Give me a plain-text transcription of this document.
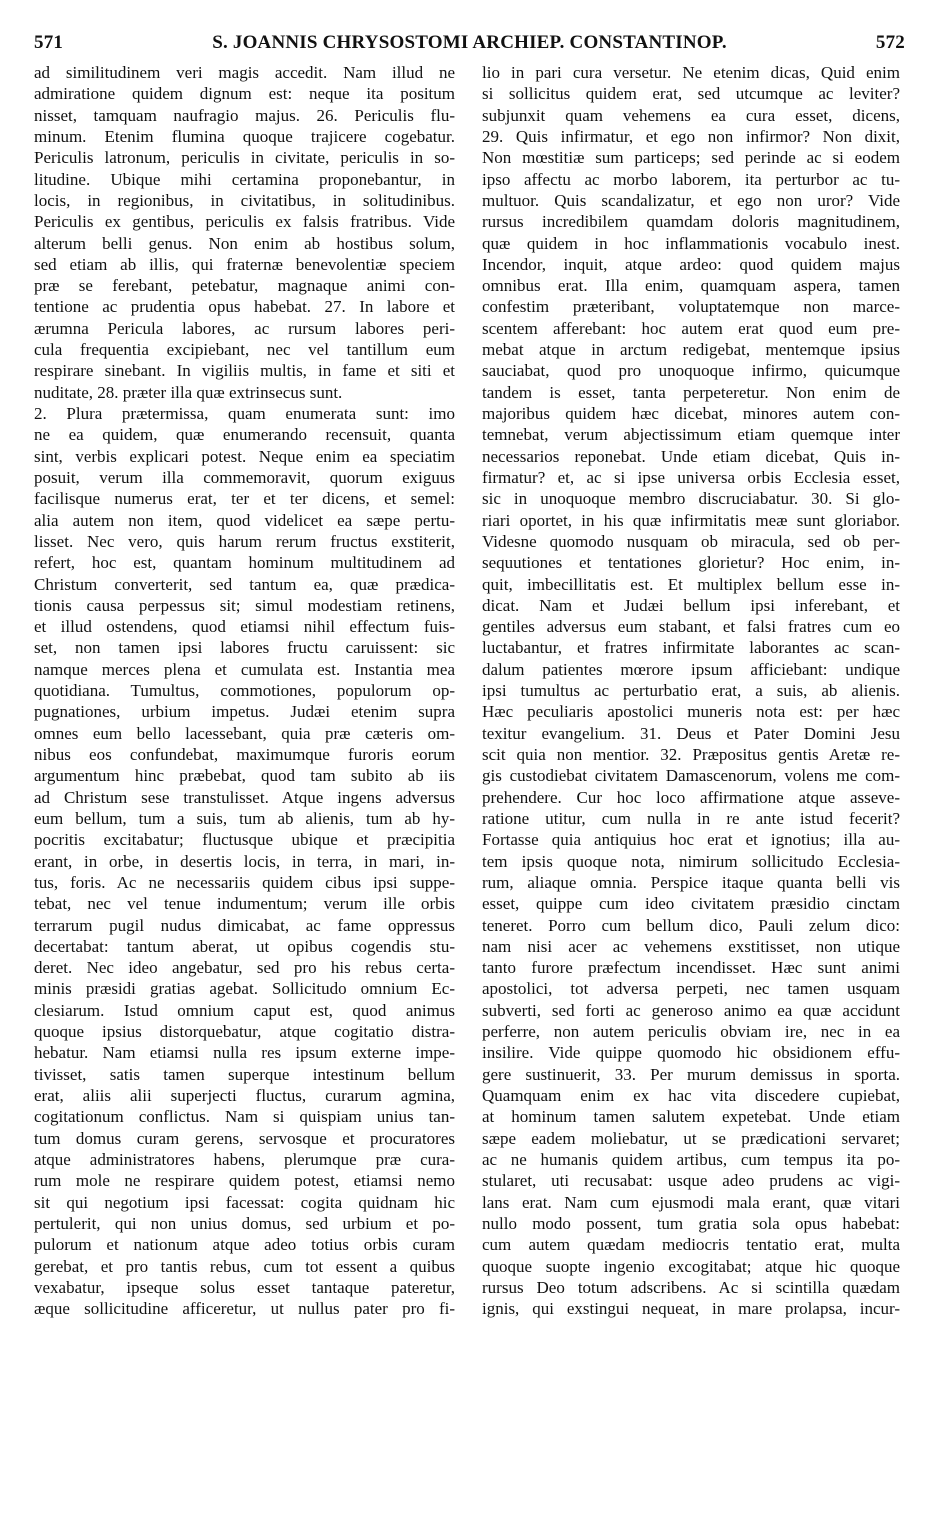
571	S. JOANNIS CHRYSOSTOMI ARCHIEP. CONSTANTINOP.	572
ad similitudinem veri magis accedit. Nam illud ne
admiratione quidem dignum est: neque ita positum
nisset, tamquam naufragio majus. 26. Periculis flu-
minum. Etenim flumina quoque trajicere cogebatur.
Periculis latronum, periculis in civitate, periculis in so-
litudine. Ubique mihi certamina proponebantur, in
locis, in regionibus, in civitatibus, in solitudinibus.
Periculis ex gentibus, periculis ex falsis fratribus. Vide
alterum belli genus. Non enim ab hostibus solum,
sed etiam ab illis, qui fraternæ benevolentiæ speciem
præ se ferebant, petebatur, magnaque animi con-
tentione ac prudentia opus habebat. 27. In labore et
ærumna Pericula labores, ac rursum labores peri-
cula frequentia excipiebant, nec vel tantillum eum
respirare sinebant. In vigiliis multis, in fame et siti et
nuditate, 28. præter illa quæ extrinsecus sunt.
2. Plura prætermissa, quam enumerata sunt: imo
ne ea quidem, quæ enumerando recensuit, quanta
sint, verbis explicari potest. Neque enim ea speciatim
posuit, verum illa commemoravit, quorum exiguus
facilisque numerus erat, ter et ter dicens, et semel:
alia autem non item, quod videlicet ea sæpe pertu-
lisset. Nec vero, quis harum rerum fructus exstiterit,
refert, hoc est, quantam hominum multitudinem ad
Christum converterit, sed tantum ea, quæ prædica-
tionis causa perpessus sit; simul modestiam retinens,
et illud ostendens, quod etiamsi nihil effectum fuis-
set, non tamen ipsi labores fructu caruissent: sic
namque merces plena et cumulata est. Instantia mea
quotidiana. Tumultus, commotiones, populorum op-
pugnationes, urbium impetus. Judæi etenim supra
omnes eum bello lacessebant, quia præ cæteris om-
nibus eos confundebat, maximumque furoris eorum
argumentum hinc præbebat, quod tam subito ab iis
ad Christum sese transtulisset. Atque ingens adversus
eum bellum, tum a suis, tum ab alienis, tum ab hy-
pocritis excitabatur; fluctusque ubique et præcipitia
erant, in orbe, in desertis locis, in terra, in mari, in-
tus, foris. Ac ne necessariis quidem cibus ipsi suppe-
tebat, nec vel tenue indumentum; verum ille orbis
terrarum pugil nudus dimicabat, ac fame oppressus
decertabat: tantum aberat, ut opibus cogendis stu-
deret. Nec ideo angebatur, sed pro his rebus certa-
minis præsidi gratias agebat. Sollicitudo omnium Ec-
clesiarum. Istud omnium caput est, quod animus
quoque ipsius distorquebatur, atque cogitatio distra-
hebatur. Nam etiamsi nulla res ipsum externe impe-
tivisset, satis tamen superque intestinum bellum
erat, aliis alii superjecti fluctus, curarum agmina,
cogitationum conflictus. Nam si quispiam unius tan-
tum domus curam gerens, servosque et procuratores
atque administratores habens, plerumque præ cura-
rum mole ne respirare quidem potest, etiamsi nemo
sit qui negotium ipsi facessat: cogita quidnam hic
pertulerit, qui non unius domus, sed urbium et po-
pulorum et nationum atque adeo totius orbis curam
gerebat, et pro tantis rebus, cum tot essent a quibus
vexabatur, ipseque solus esset tantaque pateretur,
æque sollicitudine afficeretur, ut nullus pater pro fi-
lio in pari cura versetur. Ne etenim dicas, Quid enim
si sollicitus quidem erat, sed utcumque ac leviter?
subjunxit quam vehemens ea cura esset, dicens,
29. Quis infirmatur, et ego non infirmor? Non dixit,
Non mœstitiæ sum particeps; sed perinde ac si eodem
ipso affectu ac morbo laborem, ita perturbor ac tu-
multuor. Quis scandalizatur, et ego non uror? Vide
rursus incredibilem quamdam doloris magnitudinem,
quæ quidem in hoc inflammationis vocabulo inest.
Incendor, inquit, atque ardeo: quod quidem majus
omnibus erat. Illa enim, quamquam aspera, tamen
confestim præteribant, voluptatemque non marce-
scentem afferebant: hoc autem erat quod eum pre-
mebat atque in arctum redigebat, mentemque ipsius
sauciabat, quod pro unoquoque infirmo, quicumque
tandem is esset, tanta perpeteretur. Non enim de
majoribus quidem hæc dicebat, minores autem con-
temnebat, verum abjectissimum etiam quemque inter
necessarios reponebat. Unde etiam dicebat, Quis in-
firmatur? et, ac si ipse universa orbis Ecclesia esset,
sic in unoquoque membro discruciabatur. 30. Si glo-
riari oportet, in his quæ infirmitatis meæ sunt gloriabor.
Videsne quomodo nusquam ob miracula, sed ob per-
sequutiones et tentationes glorietur? Hoc enim, in-
quit, imbecillitatis est. Et multiplex bellum esse in-
dicat. Nam et Judæi bellum ipsi inferebant, et
gentiles adversus eum stabant, et falsi fratres cum eo
luctabantur, et fratres infirmitate laborantes ac scan-
dalum patientes mœrore ipsum afficiebant: undique
ipsi tumultus ac perturbatio erat, a suis, ab alienis.
Hæc peculiaris apostolici muneris nota est: per hæc
texitur evangelium. 31. Deus et Pater Domini Jesu
scit quia non mentior. 32. Præpositus gentis Aretæ re-
gis custodiebat civitatem Damascenorum, volens me com-
prehendere. Cur hoc loco affirmatione atque asseve-
ratione utitur, cum nulla in re ante istud fecerit?
Fortasse quia antiquius hoc erat et ignotius; illa au-
tem ipsis quoque nota, nimirum sollicitudo Ecclesia-
rum, aliaque omnia. Perspice itaque quanta belli vis
esset, quippe cum ideo civitatem præsidio cinctam
teneret. Porro cum bellum dico, Pauli zelum dico:
nam nisi acer ac vehemens exstitisset, non utique
tanto furore præfectum incendisset. Hæc sunt animi
apostolici, tot adversa perpeti, nec tamen usquam
subverti, sed forti ac generoso animo ea quæ accidunt
perferre, non autem periculis obviam ire, nec in ea
insilire. Vide quippe quomodo hic obsidionem effu-
gere sustinuerit, 33. Per murum demissus in sporta.
Quamquam enim ex hac vita discedere cupiebat,
at hominum tamen salutem expetebat. Unde etiam
sæpe eadem moliebatur, ut se prædicationi servaret;
ac ne humanis quidem artibus, cum tempus ita po-
stularet, uti recusabat: usque adeo prudens ac vigi-
lans erat. Nam cum ejusmodi mala erant, quæ vitari
nullo modo possent, tum gratia sola opus habebat:
cum autem quædam mediocris tentatio erat, multa
quoque suopte ingenio excogitabat; atque hic quoque
rursus Deo totum adscribens. Ac si scintilla quædam
ignis, qui exstingui nequeat, in mare prolapsa, incur-
